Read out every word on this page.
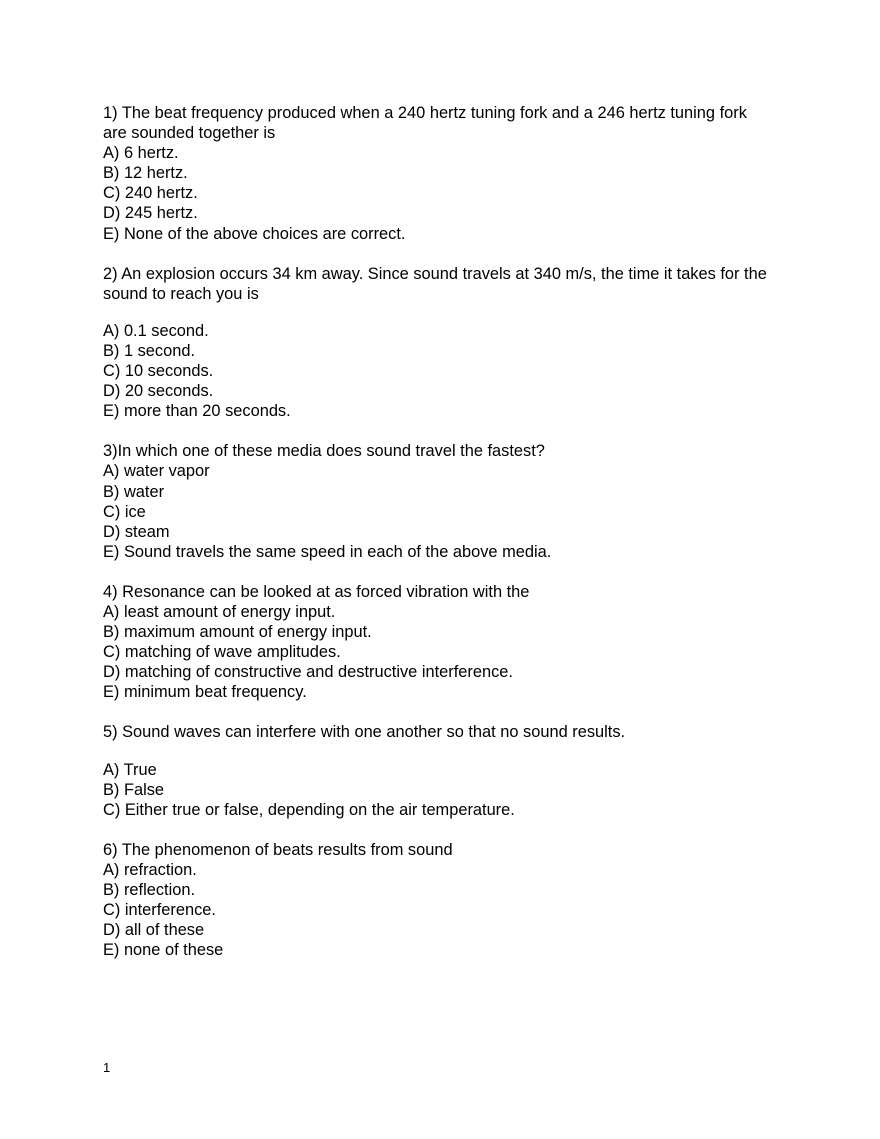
1) The beat frequency produced when a 240 hertz tuning fork and a 246 hertz tuning fork are sounded together is

A) 6 hertz.
B) 12 hertz.
C) 240 hertz.
D) 245 hertz.
E) None of the above choices are correct.

2) An explosion occurs 34 km away. Since sound travels at 340 m/s, the time it takes for the sound to reach you is

A) 0.1 second.
B) 1 second.
C) 10 seconds.
D) 20 seconds.
E) more than 20 seconds.

3)In which one of these media does sound travel the fastest?

A) water vapor
B) water
C) ice
D) steam
E) Sound travels the same speed in each of the above media.

4) Resonance can be looked at as forced vibration with the

A) least amount of energy input.
B) maximum amount of energy input.
C) matching of wave amplitudes.
D) matching of constructive and destructive interference.
E) minimum beat frequency.

5) Sound waves can interfere with one another so that no sound results.

A) True
B) False
C) Either true or false, depending on the air temperature.

6) The phenomenon of beats results from sound

A) refraction.
B) reflection.
C) interference.
D) all of these
E) none of these
1
